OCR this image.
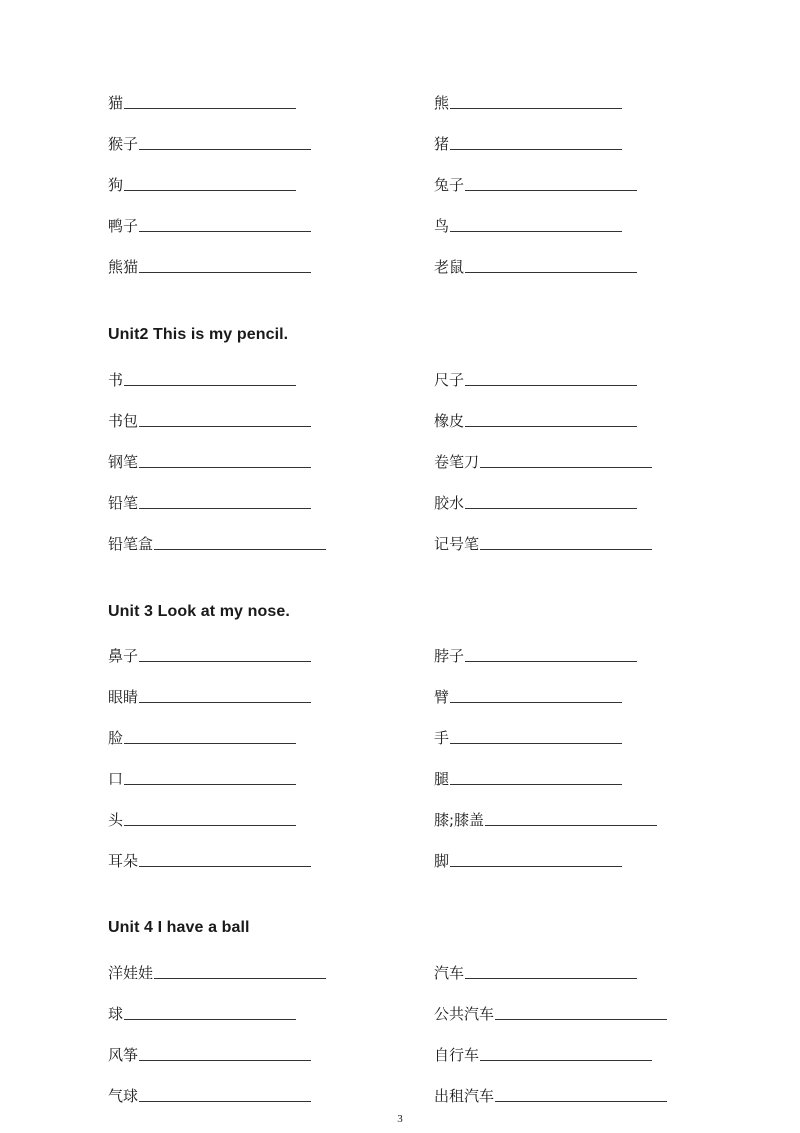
猫	熊
猴子	猪
狗	兔子
鸭子	鸟
熊猫	老鼠
Unit2 This is my pencil.
书	尺子
书包	橡皮
钢笔	卷笔刀
铅笔	胶水
铅笔盒	记号笔
Unit 3 Look at my nose.
鼻子	脖子
眼睛	臂
脸	手
口	腿
头	膝;膝盖
耳朵	脚
Unit 4 I have a ball
洋娃娃	汽车
球	公共汽车
风筝	自行车
气球	出租汽车
3
